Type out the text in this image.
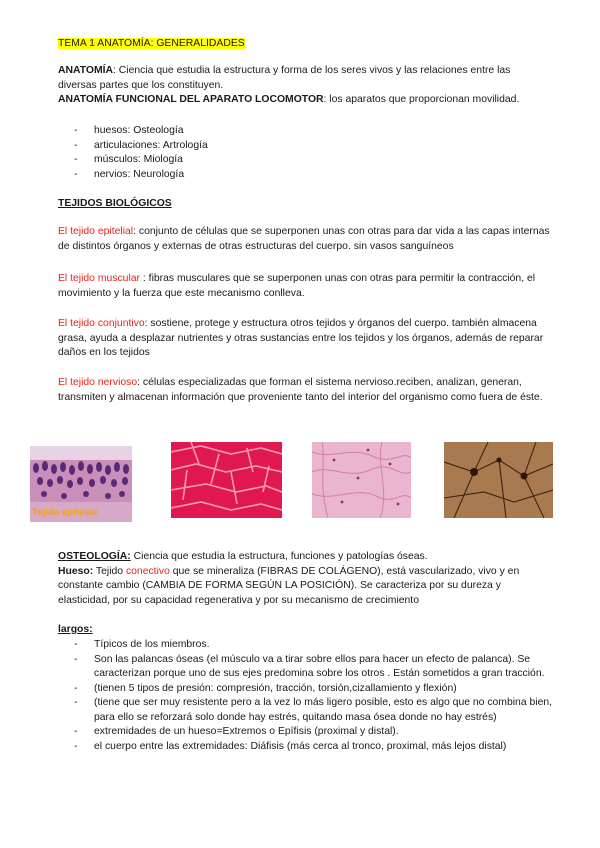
TEMA 1 ANATOMÍA: GENERALIDADES

ANATOMÍA: Ciencia que estudia la estructura y forma de los seres vivos y las relaciones entre las diversas partes que los constituyen.

ANATOMÍA FUNCIONAL DEL APARATO LOCOMOTOR: los aparatos que proporcionan movilidad.

- huesos: Osteología
- articulaciones: Artrología
- músculos: Miología
- nervios: Neurología
TEJIDOS BIOLÓGICOS

El tejido epitelial: conjunto de células que se superponen unas con otras para dar vida a las capas internas de distintos órganos y externas de otras estructuras del cuerpo. sin vasos sanguíneos

El tejido muscular : fibras musculares que se superponen unas con otras para permitir la contracción, el movimiento y la fuerza que este mecanismo conlleva.

El tejido conjuntivo: sostiene, protege y estructura otros tejidos y órganos del cuerpo. también almacena grasa, ayuda a desplazar nutrientes y otras sustancias entre los tejidos y los órganos, además de reparar daños en los tejidos

El tejido nervioso: células especializadas que forman el sistema nervioso.reciben, analizan, generan, transmiten y almacenan información que proveniente tanto del interior del organismo como fuera de éste.

Tejido epitelial

OSTEOLOGÍA: Ciencia que estudia la estructura, funciones y patologías óseas.

Hueso: Tejido conectivo que se mineraliza (FIBRAS DE COLÁGENO), está vascularizado, vivo y en constante cambio (CAMBIA DE FORMA SEGÚN LA POSICIÓN). Se caracteriza por su dureza y elasticidad, por su capacidad regenerativa y por su mecanismo de crecimiento

largos:
- Típicos de los miembros.
- Son las palancas óseas (el músculo va a tirar sobre ellos para hacer un efecto de palanca). Se caracterizan porque uno de sus ejes predomina sobre los otros . Están sometidos a gran tracción.
- (tienen 5 tipos de presión: compresión, tracción, torsión,cizallamiento y flexión)
- (tiene que ser muy resistente pero a la vez lo más ligero posible, esto es algo que no combina bien, para ello se reforzará solo donde hay estrés, quitando masa ósea donde no hay estrés)
- extremidades de un hueso=Extremos o Epífisis (proximal y distal).
- el cuerpo entre las extremidades: Diáfisis (más cerca al tronco, proximal, más lejos distal)
